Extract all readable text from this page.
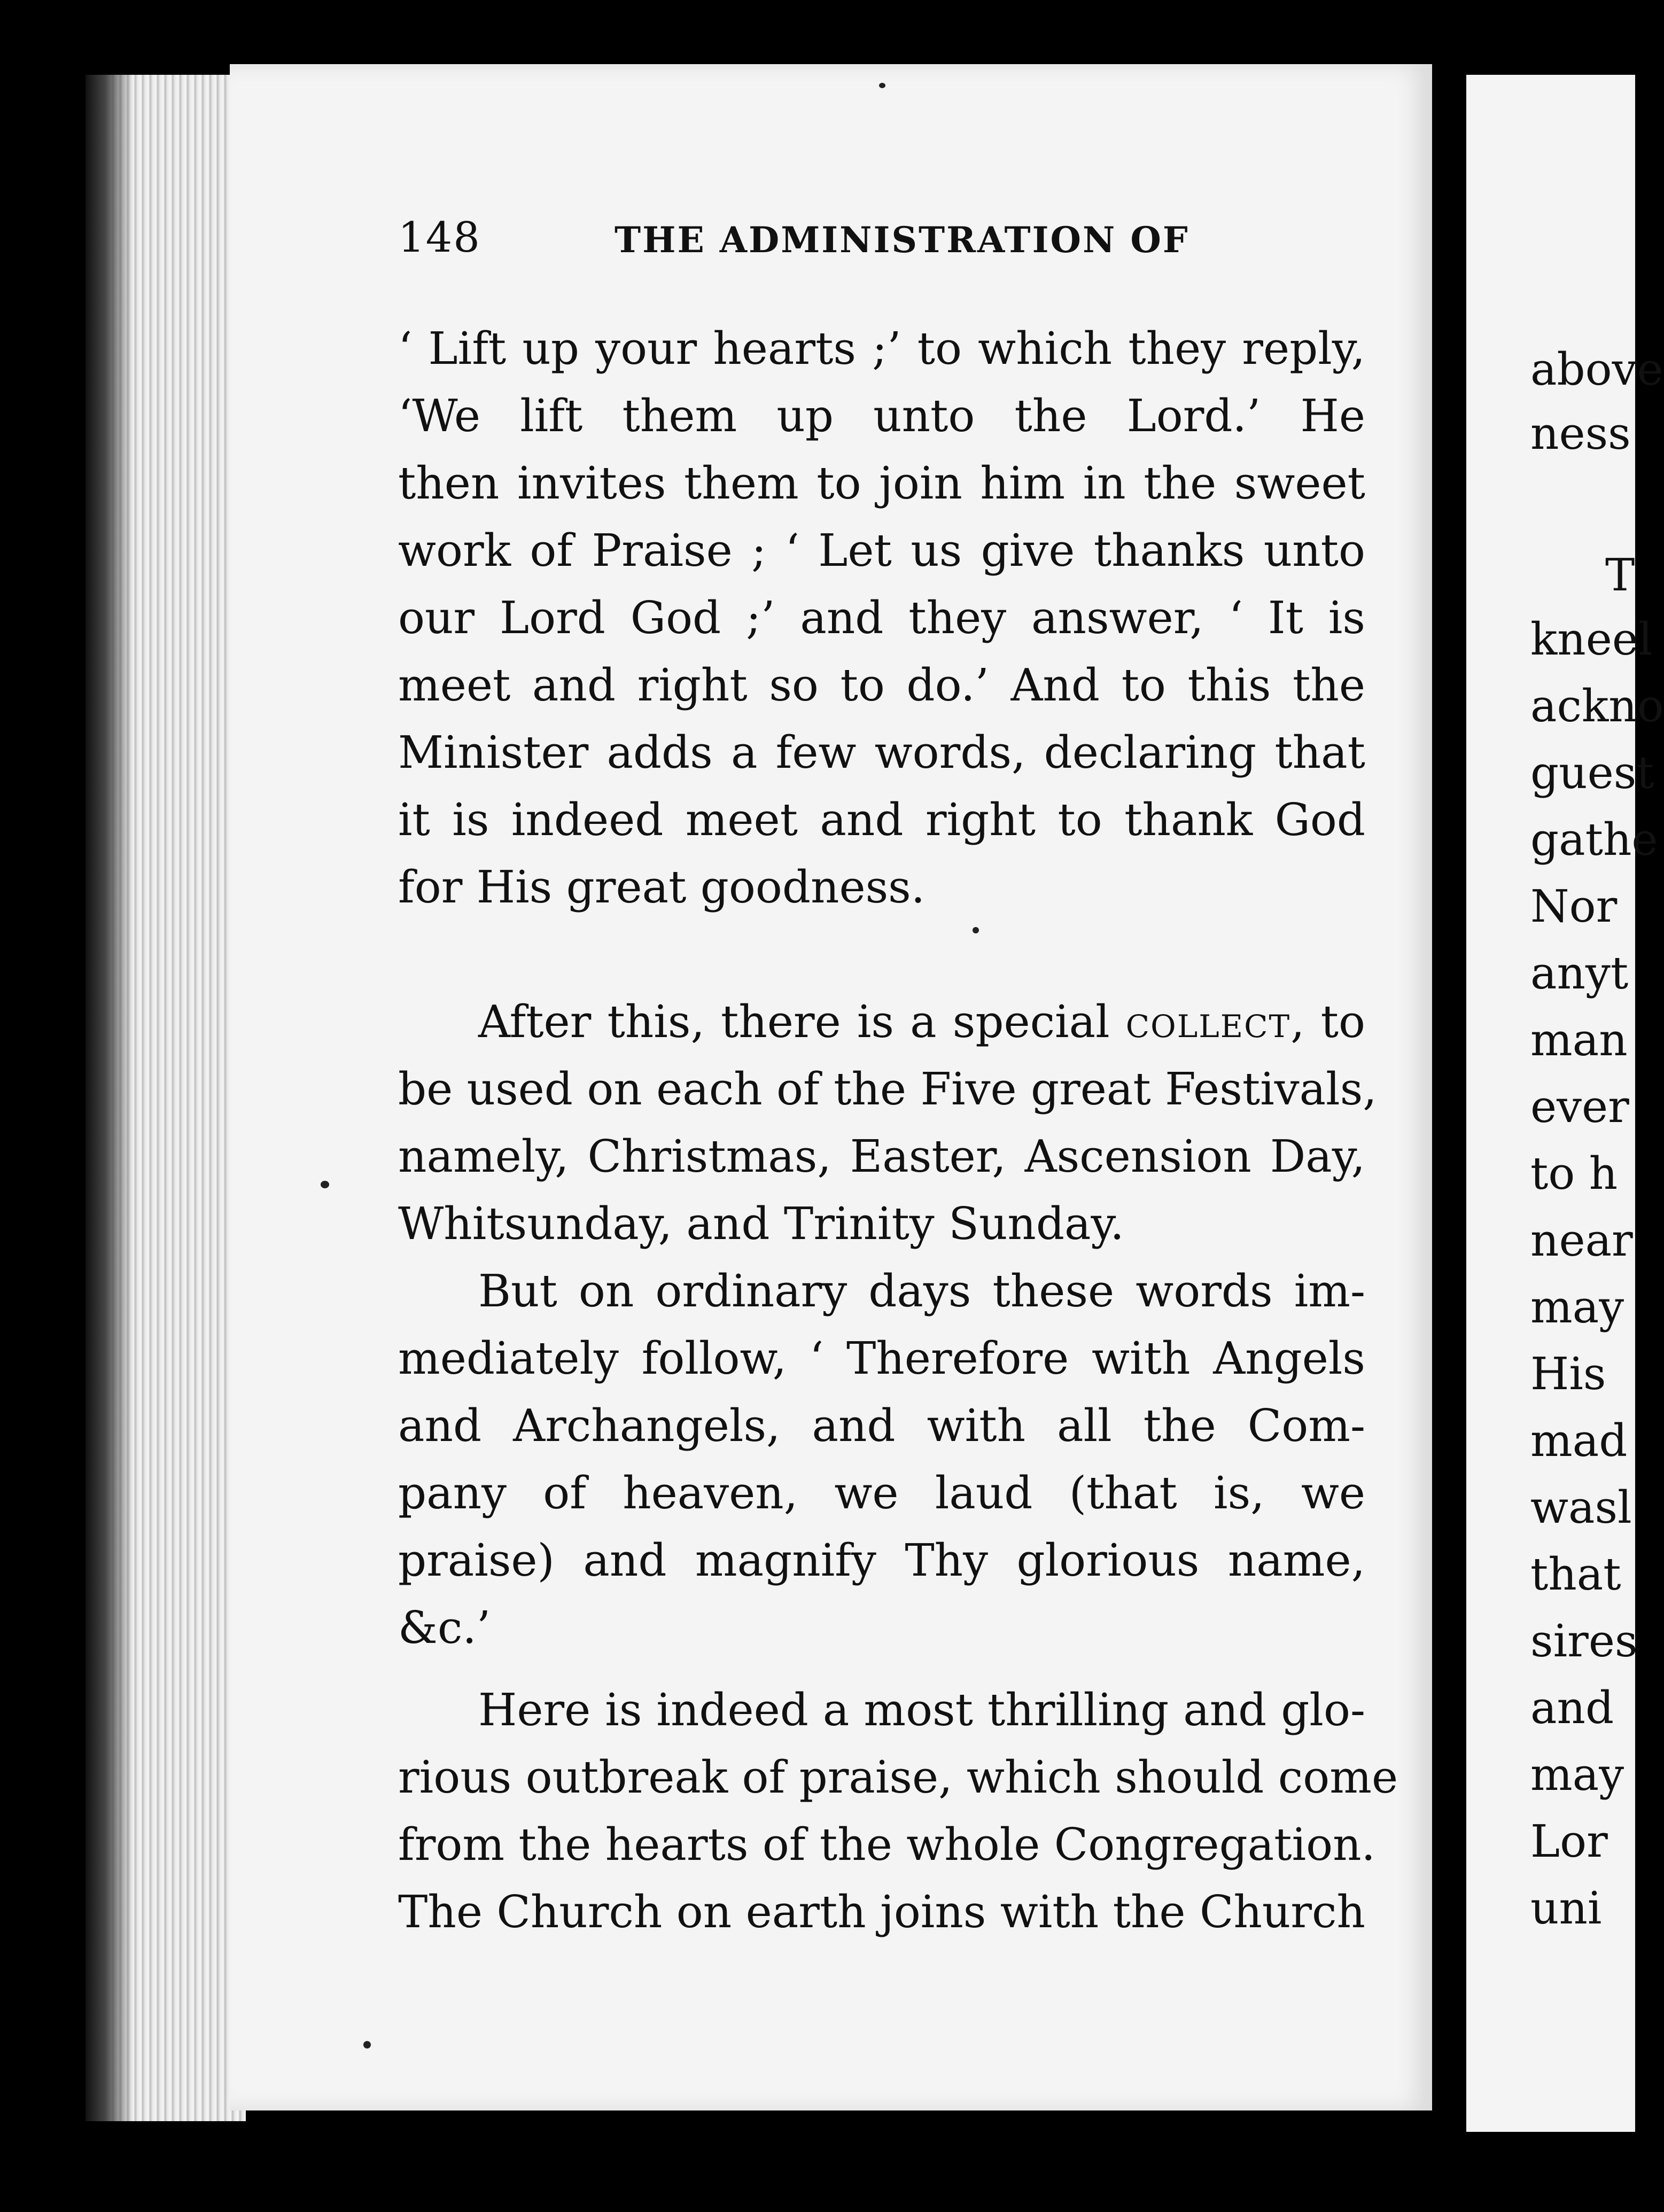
above
ness
T
kneel
ackno
guest
gathe
Nor
anyt
man
ever
to h
near
may
His
mad
wasl
that
sires
and
may
Lor
uni
148	THE ADMINISTRATION OF
‘ Lift up your hearts ;’ to which they reply,
‘We lift them up unto the Lord.’ He
then invites them to join him in the sweet
work of Praise ; ‘ Let us give thanks unto
our Lord God ;’ and they answer, ‘ It is
meet and right so to do.’ And to this the
Minister adds a few words, declaring that
it is indeed meet and right to thank God
for His great goodness.
After this, there is a special collect, to
be used on each of the Five great Festivals,
namely, Christmas, Easter, Ascension Day,
Whitsunday, and Trinity Sunday.
But on ordinary days these words im-
mediately follow, ‘ Therefore with Angels
and Archangels, and with all the Com-
pany of heaven, we laud (that is, we
praise) and magnify Thy glorious name,
&c.’
Here is indeed a most thrilling and glo-
rious outbreak of praise, which should come
from the hearts of the whole Congregation.
The Church on earth joins with the Church
